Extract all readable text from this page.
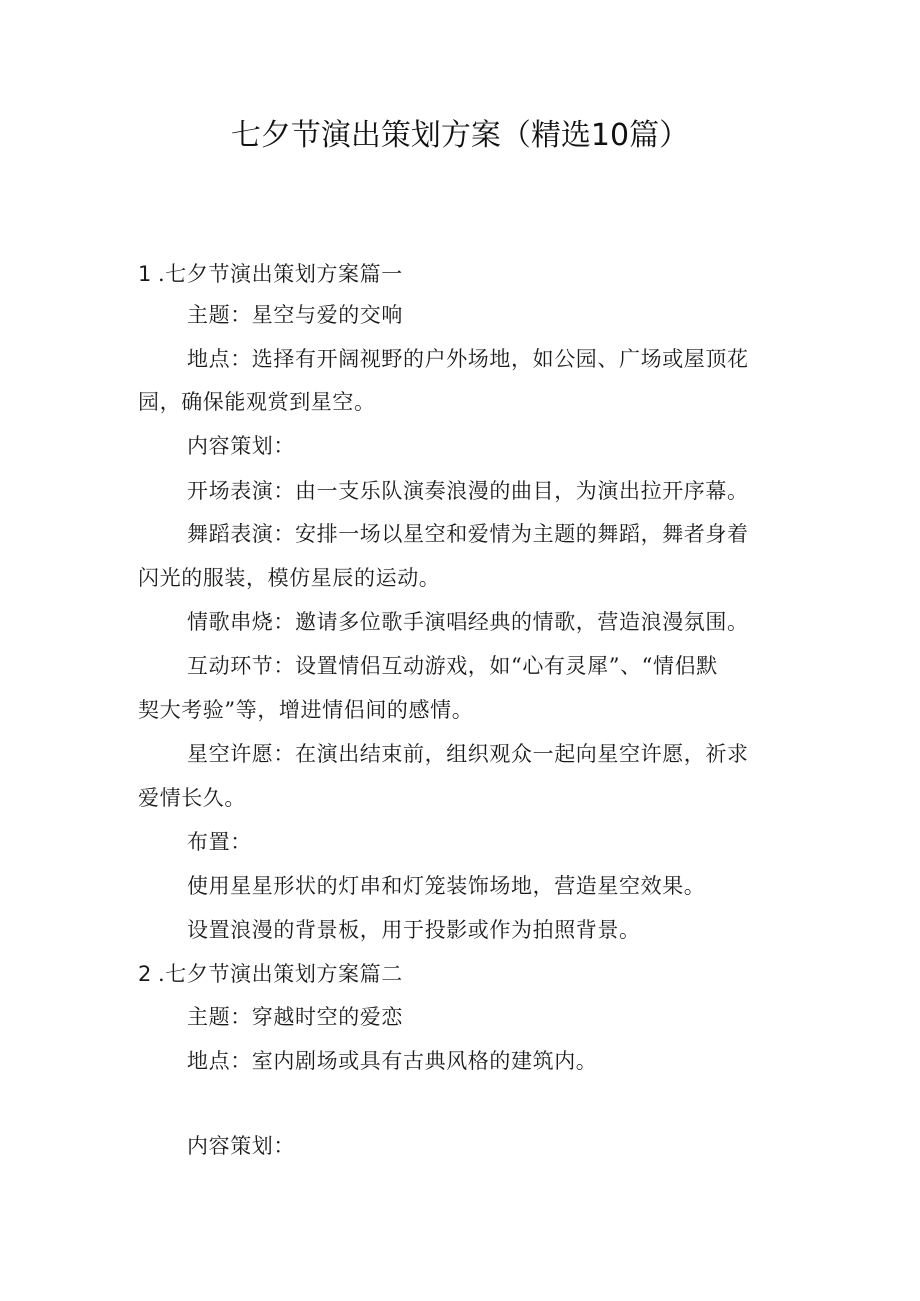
七夕节演出策划方案（精选10篇）
1 .七夕节演出策划方案篇一
主题：星空与爱的交响
地点：选择有开阔视野的户外场地，如公园、广场或屋顶花
园，确保能观赏到星空。
内容策划：
开场表演：由一支乐队演奏浪漫的曲目，为演出拉开序幕。
舞蹈表演：安排一场以星空和爱情为主题的舞蹈，舞者身着
闪光的服装，模仿星辰的运动。
情歌串烧：邀请多位歌手演唱经典的情歌，营造浪漫氛围。
互动环节：设置情侣互动游戏，如“心有灵犀”、“情侣默
契大考验”等，增进情侣间的感情。
星空许愿：在演出结束前，组织观众一起向星空许愿，祈求
爱情长久。
布置：
使用星星形状的灯串和灯笼装饰场地，营造星空效果。
设置浪漫的背景板，用于投影或作为拍照背景。
2 .七夕节演出策划方案篇二
主题：穿越时空的爱恋
地点：室内剧场或具有古典风格的建筑内。
内容策划：
